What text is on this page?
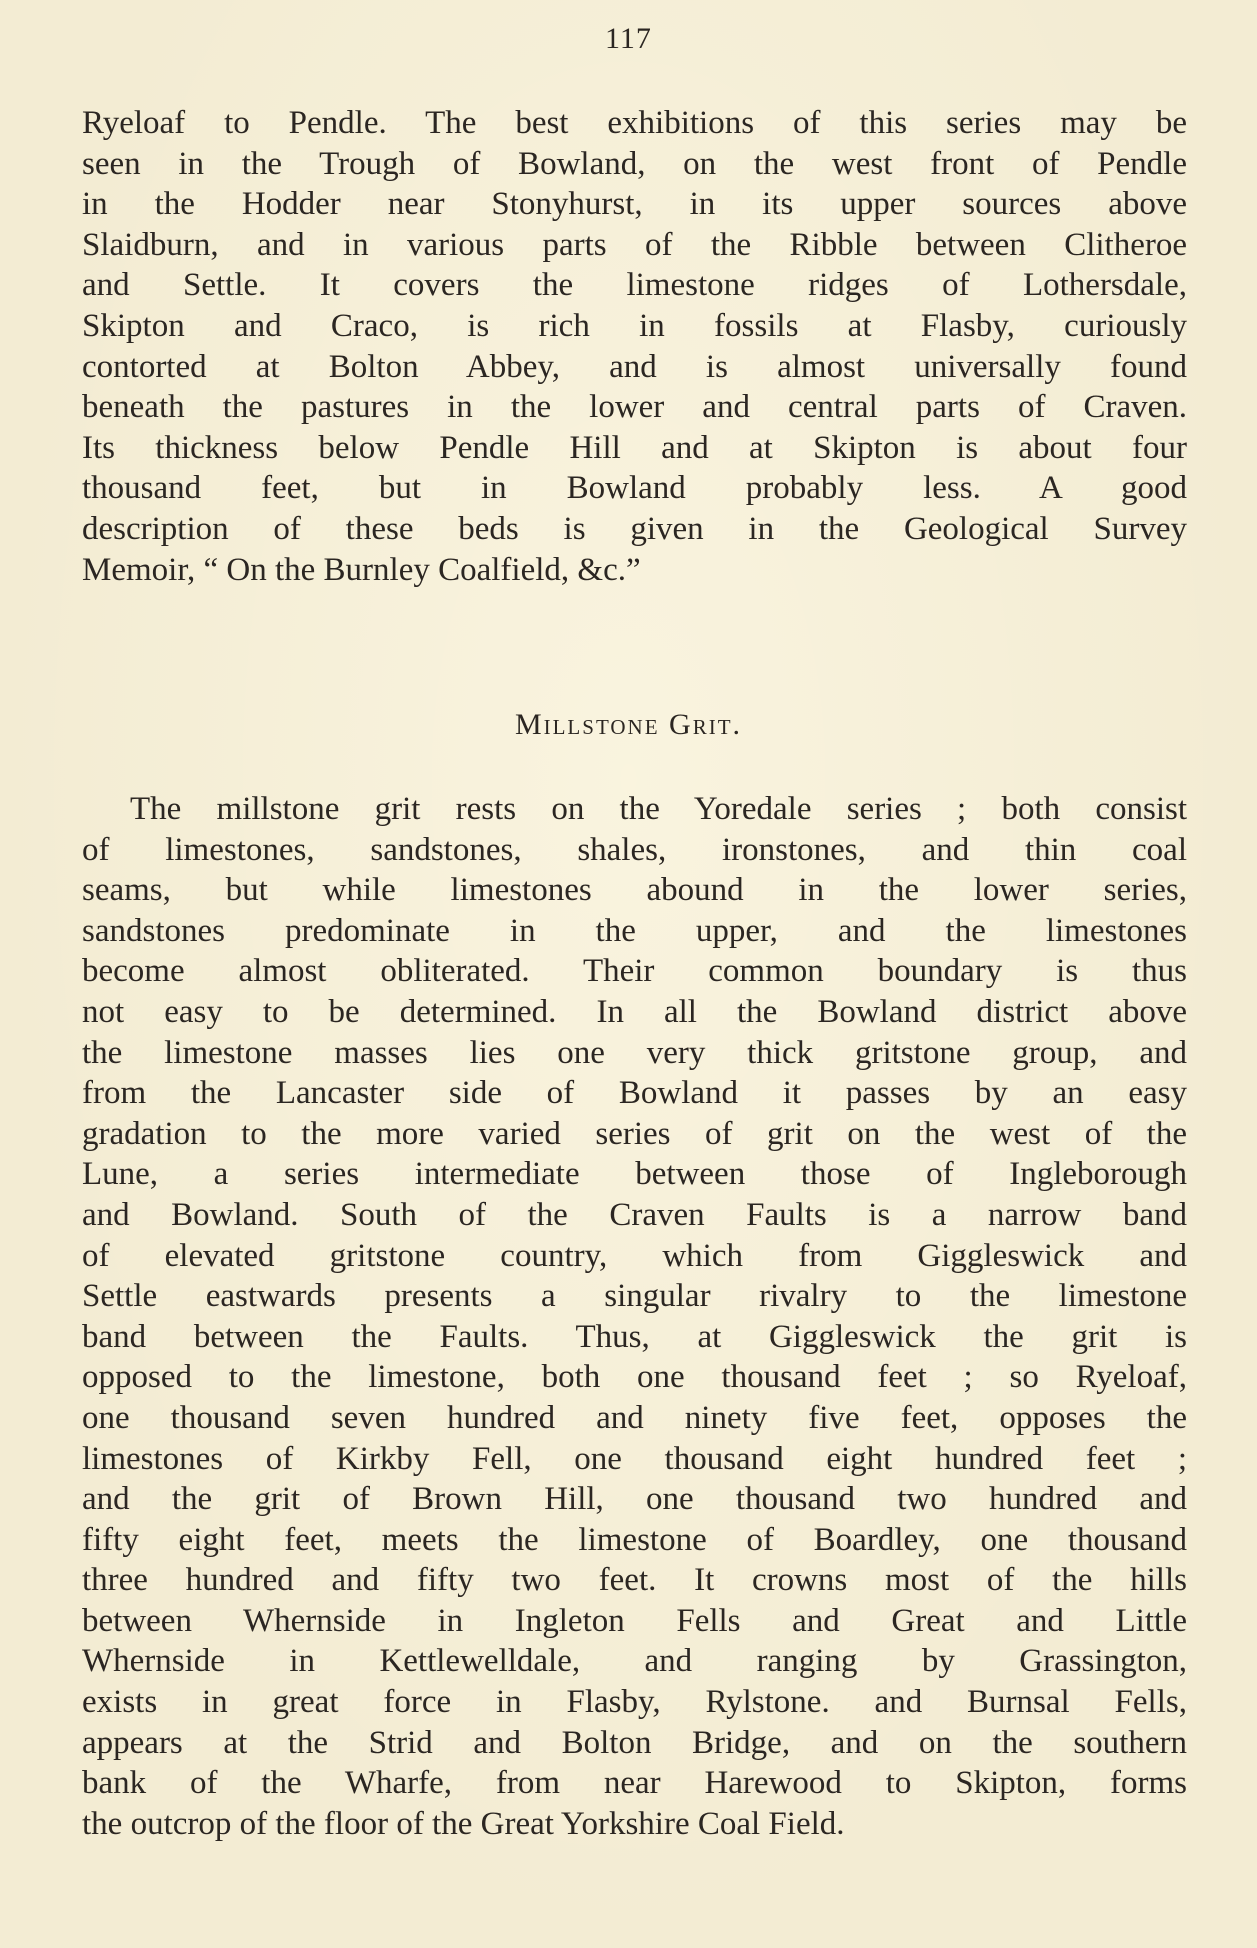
117
Ryeloaf to Pendle. The best exhibitions of this series may be
seen in the Trough of Bowland, on the west front of Pendle
in the Hodder near Stonyhurst, in its upper sources above
Slaidburn, and in various parts of the Ribble between Clitheroe
and Settle. It covers the limestone ridges of Lothersdale,
Skipton and Craco, is rich in fossils at Flasby, curiously
contorted at Bolton Abbey, and is almost universally found
beneath the pastures in the lower and central parts of Craven.
Its thickness below Pendle Hill and at Skipton is about four
thousand feet, but in Bowland probably less. A good
description of these beds is given in the Geological Survey
Memoir, “ On the Burnley Coalfield, &c.”
Millstone Grit.
The millstone grit rests on the Yoredale series ; both consist
of limestones, sandstones, shales, ironstones, and thin coal
seams, but while limestones abound in the lower series,
sandstones predominate in the upper, and the limestones
become almost obliterated. Their common boundary is thus
not easy to be determined. In all the Bowland district above
the limestone masses lies one very thick gritstone group, and
from the Lancaster side of Bowland it passes by an easy
gradation to the more varied series of grit on the west of the
Lune, a series intermediate between those of Ingleborough
and Bowland. South of the Craven Faults is a narrow band
of elevated gritstone country, which from Giggleswick and
Settle eastwards presents a singular rivalry to the limestone
band between the Faults. Thus, at Giggleswick the grit is
opposed to the limestone, both one thousand feet ; so Ryeloaf,
one thousand seven hundred and ninety five feet, opposes the
limestones of Kirkby Fell, one thousand eight hundred feet ;
and the grit of Brown Hill, one thousand two hundred and
fifty eight feet, meets the limestone of Boardley, one thousand
three hundred and fifty two feet. It crowns most of the hills
between Whernside in Ingleton Fells and Great and Little
Whernside in Kettlewelldale, and ranging by Grassington,
exists in great force in Flasby, Rylstone. and Burnsal Fells,
appears at the Strid and Bolton Bridge, and on the southern
bank of the Wharfe, from near Harewood to Skipton, forms
the outcrop of the floor of the Great Yorkshire Coal Field.
